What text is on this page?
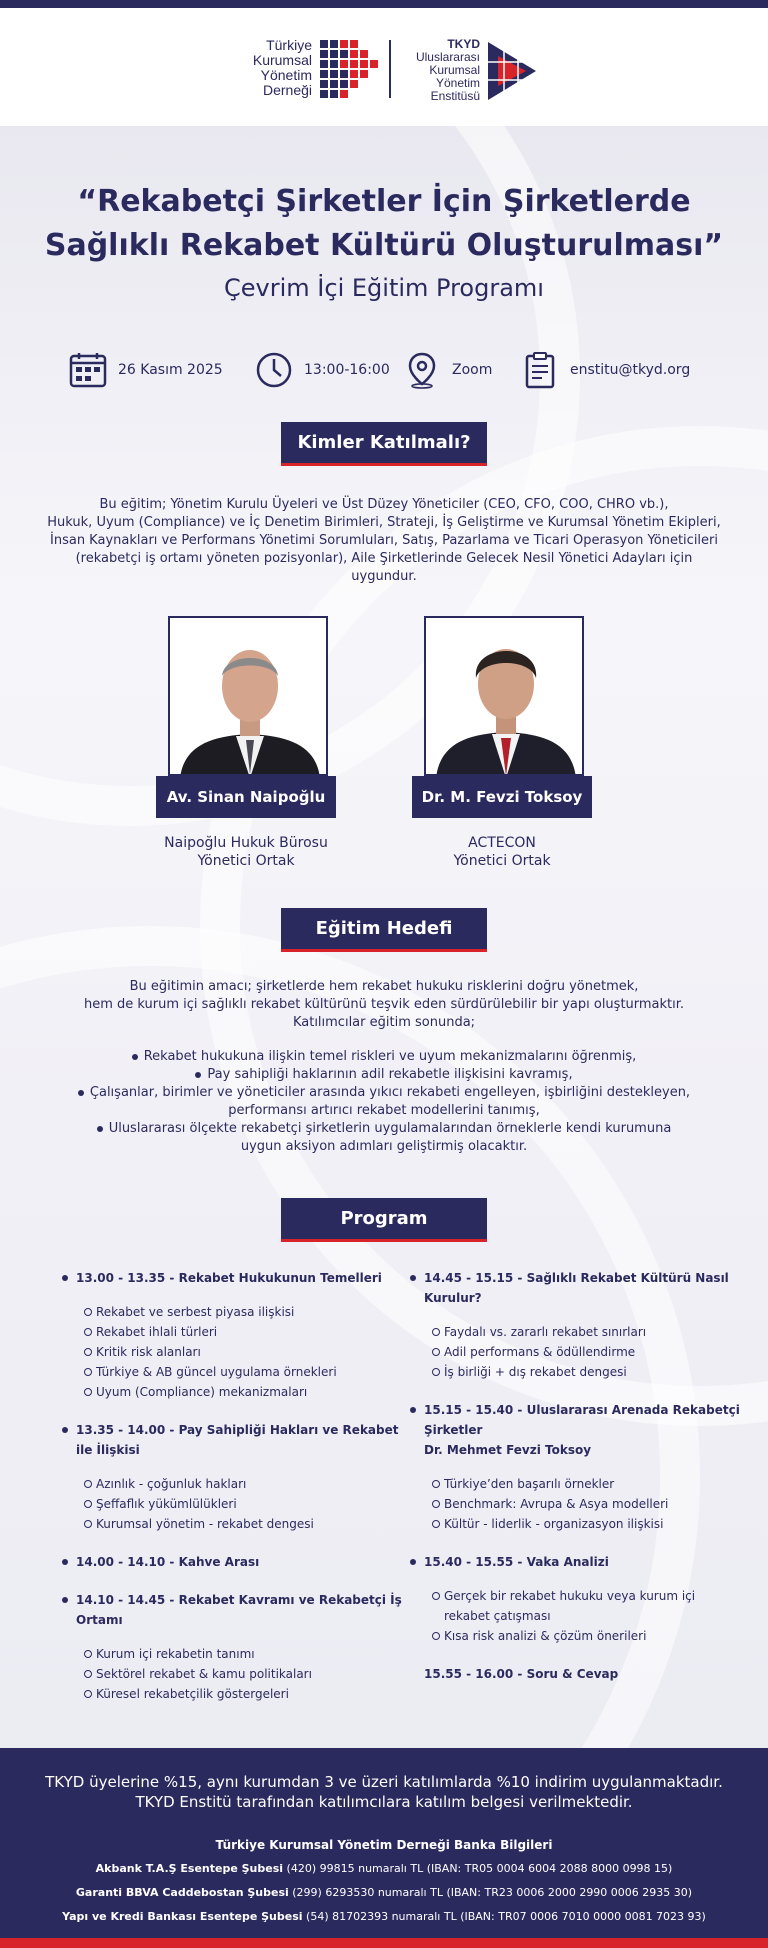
Türkiye
Kurumsal
Yönetim
Derneği
TKYD
Uluslararası
Kurumsal
Yönetim
Enstitüsü
“Rekabetçi Şirketler İçin Şirketlerde
Sağlıklı Rekabet Kültürü Oluşturulması”
Çevrim İçi Eğitim Programı
26 Kasım 2025	13:00-16:00	Zoom	enstitu@tkyd.org
Kimler Katılmalı?
Bu eğitim; Yönetim Kurulu Üyeleri ve Üst Düzey Yöneticiler (CEO, CFO, COO, CHRO vb.),
Hukuk, Uyum (Compliance) ve İç Denetim Birimleri, Strateji, İş Geliştirme ve Kurumsal Yönetim Ekipleri,
İnsan Kaynakları ve Performans Yönetimi Sorumluları, Satış, Pazarlama ve Ticari Operasyon Yöneticileri
(rekabetçi iş ortamı yöneten pozisyonlar), Aile Şirketlerinde Gelecek Nesil Yönetici Adayları için
uygundur.
Av. Sinan Naipoğlu
Naipoğlu Hukuk Bürosu
Yönetici Ortak
Dr. M. Fevzi Toksoy
ACTECON
Yönetici Ortak
Eğitim Hedefi
Bu eğitimin amacı; şirketlerde hem rekabet hukuku risklerini doğru yönetmek,
hem de kurum içi sağlıklı rekabet kültürünü teşvik eden sürdürülebilir bir yapı oluşturmaktır.
Katılımcılar eğitim sonunda;
Rekabet hukukuna ilişkin temel riskleri ve uyum mekanizmalarını öğrenmiş,
Pay sahipliği haklarının adil rekabetle ilişkisini kavramış,
Çalışanlar, birimler ve yöneticiler arasında yıkıcı rekabeti engelleyen, işbirliğini destekleyen,
performansı artırıcı rekabet modellerini tanımış,
Uluslararası ölçekte rekabetçi şirketlerin uygulamalarından örneklerle kendi kurumuna
uygun aksiyon adımları geliştirmiş olacaktır.
Program
13.00 - 13.35 - Rekabet Hukukunun Temelleri
Rekabet ve serbest piyasa ilişkisi
Rekabet ihlali türleri
Kritik risk alanları
Türkiye & AB güncel uygulama örnekleri
Uyum (Compliance) mekanizmaları
13.35 - 14.00 - Pay Sahipliği Hakları ve Rekabet
ile İlişkisi
Azınlık - çoğunluk hakları
Şeffaflık yükümlülükleri
Kurumsal yönetim - rekabet dengesi
14.00 - 14.10 - Kahve Arası
14.10 - 14.45 - Rekabet Kavramı ve Rekabetçi İş
Ortamı
Kurum içi rekabetin tanımı
Sektörel rekabet & kamu politikaları
Küresel rekabetçilik göstergeleri
14.45 - 15.15 - Sağlıklı Rekabet Kültürü Nasıl
Kurulur?
Faydalı vs. zararlı rekabet sınırları
Adil performans & ödüllendirme
İş birliği + dış rekabet dengesi
15.15 - 15.40 - Uluslararası Arenada Rekabetçi
Şirketler
Dr. Mehmet Fevzi Toksoy
Türkiye’den başarılı örnekler
Benchmark: Avrupa & Asya modelleri
Kültür - liderlik - organizasyon ilişkisi
15.40 - 15.55 - Vaka Analizi
Gerçek bir rekabet hukuku veya kurum içi
rekabet çatışması
Kısa risk analizi & çözüm önerileri
15.55 - 16.00 - Soru & Cevap
TKYD üyelerine %15, aynı kurumdan 3 ve üzeri katılımlarda %10 indirim uygulanmaktadır.
TKYD Enstitü tarafından katılımcılara katılım belgesi verilmektedir.
Türkiye Kurumsal Yönetim Derneği Banka Bilgileri
Akbank T.A.Ş Esentepe Şubesi (420) 99815 numaralı TL (IBAN: TR05 0004 6004 2088 8000 0998 15)
Garanti BBVA Caddebostan Şubesi (299) 6293530 numaralı TL (IBAN: TR23 0006 2000 2990 0006 2935 30)
Yapı ve Kredi Bankası Esentepe Şubesi (54) 81702393 numaralı TL (IBAN: TR07 0006 7010 0000 0081 7023 93)
